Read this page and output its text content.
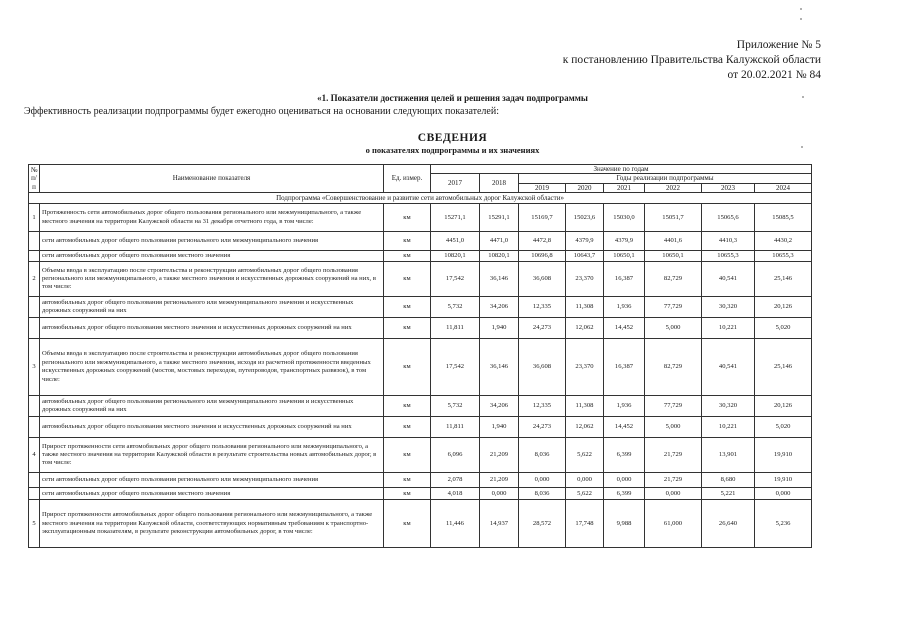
Приложение № 5
к постановлению Правительства Калужской области
от 20.02.2021 № 84
«1. Показатели достижения целей и решения задач подпрограммы
Эффективность реализации подпрограммы будет ежегодно оцениваться на основании следующих показателей:
СВЕДЕНИЯ
о показателях подпрограммы и их значениях
№ п/п	Наименование показателя	Ед. измер.	Значение по годам							
			2017	2018	Годы реализации подпрограммы					
					2019	2020	2021	2022	2023	2024
Подпрограмма «Совершенствование и развитие сети автомобильных дорог Калужской области»										
1	Протяженность сети автомобильных дорог общего пользования регионального или межмуниципального, а также местного значения на территории Калужской области на 31 декабря отчетного года, в том числе:	км	15271,1	15291,1	15169,7	15023,6	15030,0	15051,7	15065,6	15085,5
	сети автомобильных дорог общего пользования регионального или межмуниципального значения	км	4451,0	4471,0	4472,8	4379,9	4379,9	4401,6	4410,3	4430,2
	сети автомобильных дорог общего пользования местного значения	км	10820,1	10820,1	10696,8	10643,7	10650,1	10650,1	10655,3	10655,3
2	Объемы ввода в эксплуатацию после строительства и реконструкции автомобильных дорог общего пользования регионального или межмуниципального, а также местного значения и искусственных дорожных сооружений на них, в том числе:	км	17,542	36,146	36,608	23,370	16,387	82,729	40,541	25,146
	автомобильных дорог общего пользования регионального или межмуниципального значения и искусственных дорожных сооружений на них	км	5,732	34,206	12,335	11,308	1,936	77,729	30,320	20,126
	автомобильных дорог общего пользования местного значения и искусственных дорожных сооружений на них	км	11,811	1,940	24,273	12,062	14,452	5,000	10,221	5,020
3	Объемы ввода в эксплуатацию после строительства и реконструкции автомобильных дорог общего пользования регионального или межмуниципального, а также местного значения, исходя из расчетной протяженности введенных искусственных дорожных сооружений (мостов, мостовых переходов, путепроводов, транспортных развязок), в том числе:	км	17,542	36,146	36,608	23,370	16,387	82,729	40,541	25,146
	автомобильных дорог общего пользования регионального или межмуниципального значения и искусственных дорожных сооружений на них	км	5,732	34,206	12,335	11,308	1,936	77,729	30,320	20,126
	автомобильных дорог общего пользования местного значения и искусственных дорожных сооружений на них	км	11,811	1,940	24,273	12,062	14,452	5,000	10,221	5,020
4	Прирост протяженности сети автомобильных дорог общего пользования регионального или межмуниципального, а также местного значения на территории Калужской области в результате строительства новых автомобильных дорог, в том числе:	км	6,096	21,209	8,036	5,622	6,399	21,729	13,901	19,910
	сети автомобильных дорог общего пользования регионального или межмуниципального значения	км	2,078	21,209	0,000	0,000	0,000	21,729	8,680	19,910
	сети автомобильных дорог общего пользования местного значения	км	4,018	0,000	8,036	5,622	6,399	0,000	5,221	0,000
5	Прирост протяженности автомобильных дорог общего пользования регионального или межмуниципального, а также местного значения на территории Калужской области, соответствующих нормативным требованиям к транспортно-эксплуатационным показателям, в результате реконструкции автомобильных дорог, в том числе:	км	11,446	14,937	28,572	17,748	9,988	61,000	26,640	5,236
